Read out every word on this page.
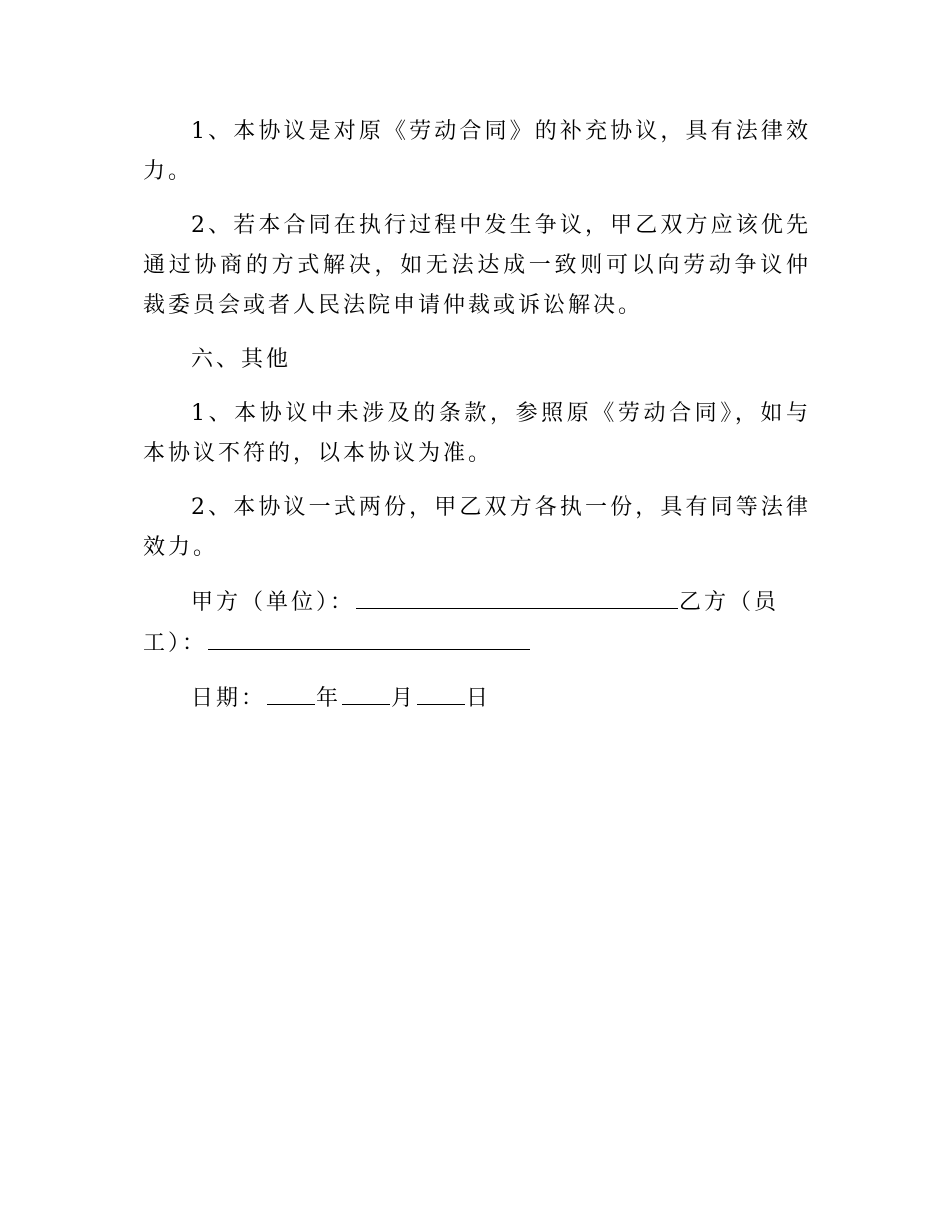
1、本协议是对原《劳动合同》的补充协议，具有法律效力。

2、若本合同在执行过程中发生争议，甲乙双方应该优先通过协商的方式解决，如无法达成一致则可以向劳动争议仲裁委员会或者人民法院申请仲裁或诉讼解决。

六、其他

1、本协议中未涉及的条款，参照原《劳动合同》，如与本协议不符的，以本协议为准。

2、本协议一式两份，甲乙双方各执一份，具有同等法律效力。

甲方（单位）：	乙方（员工）：

日期： 年 月 日
